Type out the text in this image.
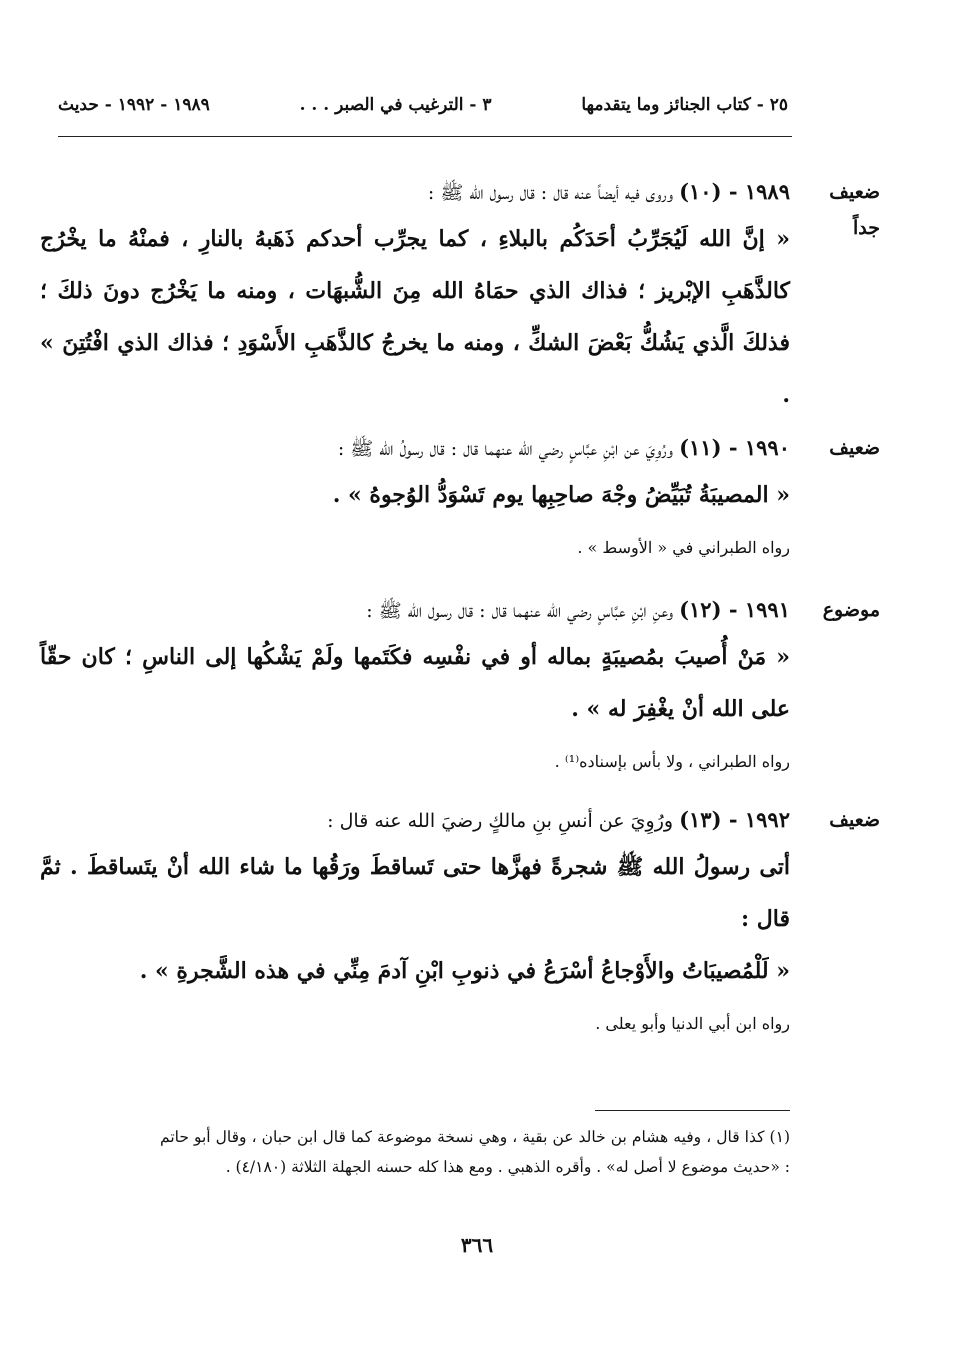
٢٥ - كتاب الجنائز وما يتقدمها
٣ - الترغيب في الصبر . . .
١٩٨٩ - ١٩٩٢ - حديث
ضعيف جداً

١٩٨٩ - (١٠) وروى فيه أيضاً عنه قال : قال رسول الله ﷺ :

« إنَّ الله لَيُجَرِّبُ أحَدَكُم بالبلاءِ ، كما يجرِّب أحدكم ذَهَبهُ بالنارِ ، فمنْهُ ما يخْرُج كالذَّهَبِ الإبْريز ؛ فذاك الذي حمَاهُ الله مِنَ الشُّبهَات ، ومنه ما يَخْرُج دونَ ذلكَ ؛ فذلكَ الَّذي يَشُكُّ بَعْضَ الشكِّ ، ومنه ما يخرجُ كالذَّهَبِ الأَسْوَدِ ؛ فذاك الذي افْتُتِنَ » .

ضعيف

١٩٩٠ - (١١) ورُوِيَ عن ابْنِ عبَّاسٍ رضي الله عنهما قال : قال رسولُ الله ﷺ :

« المصيبَةُ تُبَيِّضُ وجْهَ صاحِبِها يوم تَسْوَدُّ الوُجوهُ » .

رواه الطبراني في « الأوسط » .

موضوع

١٩٩١ - (١٢) وعنِ ابْنِ عبَّاسٍ رضي الله عنهما قال : قال رسول الله ﷺ :

« مَنْ أُصيبَ بمُصيبَةٍ بماله أو في نفْسِه فكَتَمها ولَمْ يَشْكُها إلى الناسِ ؛ كان حقّاً على الله أنْ يغْفِرَ له » .

رواه الطبراني ، ولا بأس بإسناده⁽¹⁾ .

ضعيف

١٩٩٢ - (١٣) ورُوِيَ عن أنسِ بنِ مالكٍ رضيَ الله عنه قال :

أتى رسولُ الله ﷺ شجرةً فهزَّها حتى تَساقطَ ورَقُها ما شاء الله أنْ يتَساقطَ . ثمَّ قال :

« لَلْمُصيبَاتُ والأَوْجاعُ أسْرَعُ في ذنوبِ ابْنِ آدمَ مِنِّي في هذه الشَّجرةِ » .

رواه ابن أبي الدنيا وأبو يعلى .

(١) كذا قال ، وفيه هشام بن خالد عن بقية ، وهي نسخة موضوعة كما قال ابن حبان ، وقال أبو حاتم : «حديث موضوع لا أصل له» . وأقره الذهبي . ومع هذا كله حسنه الجهلة الثلاثة (٤/١٨٠) .

٣٦٦
